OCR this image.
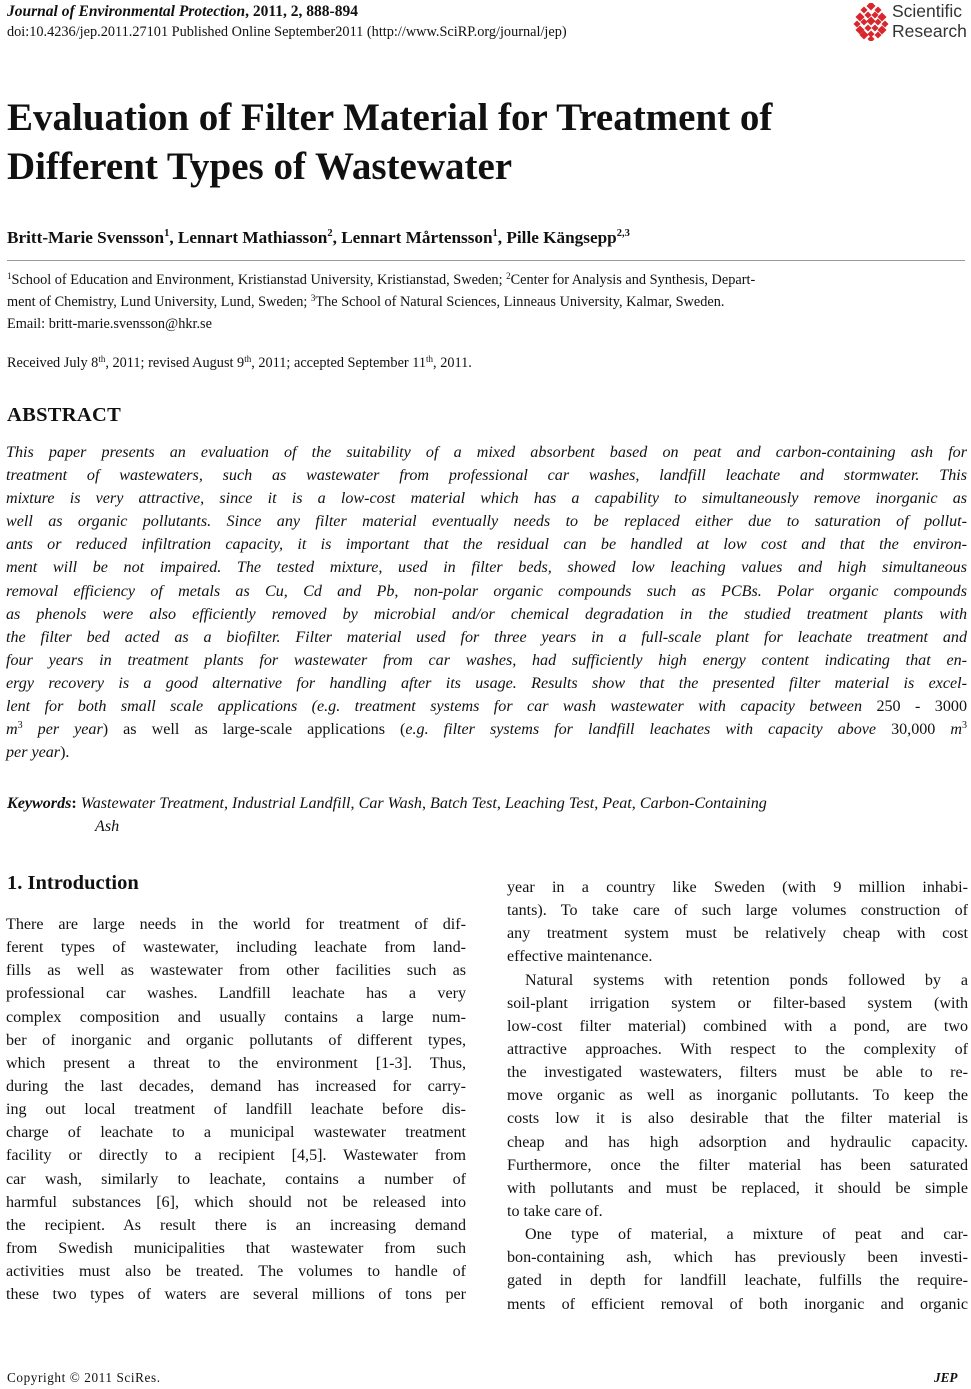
Journal of Environmental Protection, 2011, 2, 888-894
doi:10.4236/jep.2011.27101 Published Online September2011 (http://www.SciRP.org/journal/jep)
Scientific
Research
Evaluation of Filter Material for Treatment of
Different Types of Wastewater
Britt-Marie Svensson$^1$, Lennart Mathiasson$^2$, Lennart Mårtensson$^1$, Pille Kängsepp$^{2,3}$
$^1$School of Education and Environment, Kristianstad University, Kristianstad, Sweden; $^2$Center for Analysis and Synthesis, Depart-
ment of Chemistry, Lund University, Lund, Sweden; $^3$The School of Natural Sciences, Linneaus University, Kalmar, Sweden.
Email: britt-marie.svensson@hkr.se
Received July 8th, 2011; revised August 9th, 2011; accepted September 11th, 2011.
ABSTRACT
This paper presents an evaluation of the suitability of a mixed absorbent based on peat and carbon-containing ash for
treatment of wastewaters, such as wastewater from professional car washes, landfill leachate and stormwater. This
mixture is very attractive, since it is a low-cost material which has a capability to simultaneously remove inorganic as
well as organic pollutants. Since any filter material eventually needs to be replaced either due to saturation of pollut-
ants or reduced infiltration capacity, it is important that the residual can be handled at low cost and that the environ-
ment will be not impaired. The tested mixture, used in filter beds, showed low leaching values and high simultaneous
removal efficiency of metals as Cu, Cd and Pb, non-polar organic compounds such as PCBs. Polar organic compounds
as phenols were also efficiently removed by microbial and/or chemical degradation in the studied treatment plants with
the filter bed acted as a biofilter. Filter material used for three years in a full-scale plant for leachate treatment and
four years in treatment plants for wastewater from car washes, had sufficiently high energy content indicating that en-
ergy recovery is a good alternative for handling after its usage. Results show that the presented filter material is excel-
lent for both small scale applications (e.g. treatment systems for car wash wastewater with capacity between 250 - 3000
$m^3$ per year) as well as large-scale applications (e.g. filter systems for landfill leachates with capacity above 30,000 $m^3$
per year).
Keywords: Wastewater Treatment, Industrial Landfill, Car Wash, Batch Test, Leaching Test, Peat, Carbon-Containing
Ash
1. Introduction
There are large needs in the world for treatment of dif-
ferent types of wastewater, including leachate from land-
fills as well as wastewater from other facilities such as
professional car washes. Landfill leachate has a very
complex composition and usually contains a large num-
ber of inorganic and organic pollutants of different types,
which present a threat to the environment [1-3]. Thus,
during the last decades, demand has increased for carry-
ing out local treatment of landfill leachate before dis-
charge of leachate to a municipal wastewater treatment
facility or directly to a recipient [4,5]. Wastewater from
car wash, similarly to leachate, contains a number of
harmful substances [6], which should not be released into
the recipient. As result there is an increasing demand
from Swedish municipalities that wastewater from such
activities must also be treated. The volumes to handle of
these two types of waters are several millions of tons per
year in a country like Sweden (with 9 million inhabi-
tants). To take care of such large volumes construction of
any treatment system must be relatively cheap with cost
effective maintenance.
Natural systems with retention ponds followed by a
soil-plant irrigation system or filter-based system (with
low-cost filter material) combined with a pond, are two
attractive approaches. With respect to the complexity of
the investigated wastewaters, filters must be able to re-
move organic as well as inorganic pollutants. To keep the
costs low it is also desirable that the filter material is
cheap and has high adsorption and hydraulic capacity.
Furthermore, once the filter material has been saturated
with pollutants and must be replaced, it should be simple
to take care of.
One type of material, a mixture of peat and car-
bon-containing ash, which has previously been investi-
gated in depth for landfill leachate, fulfills the require-
ments of efficient removal of both inorganic and organic
Copyright © 2011 SciRes.	JEP
